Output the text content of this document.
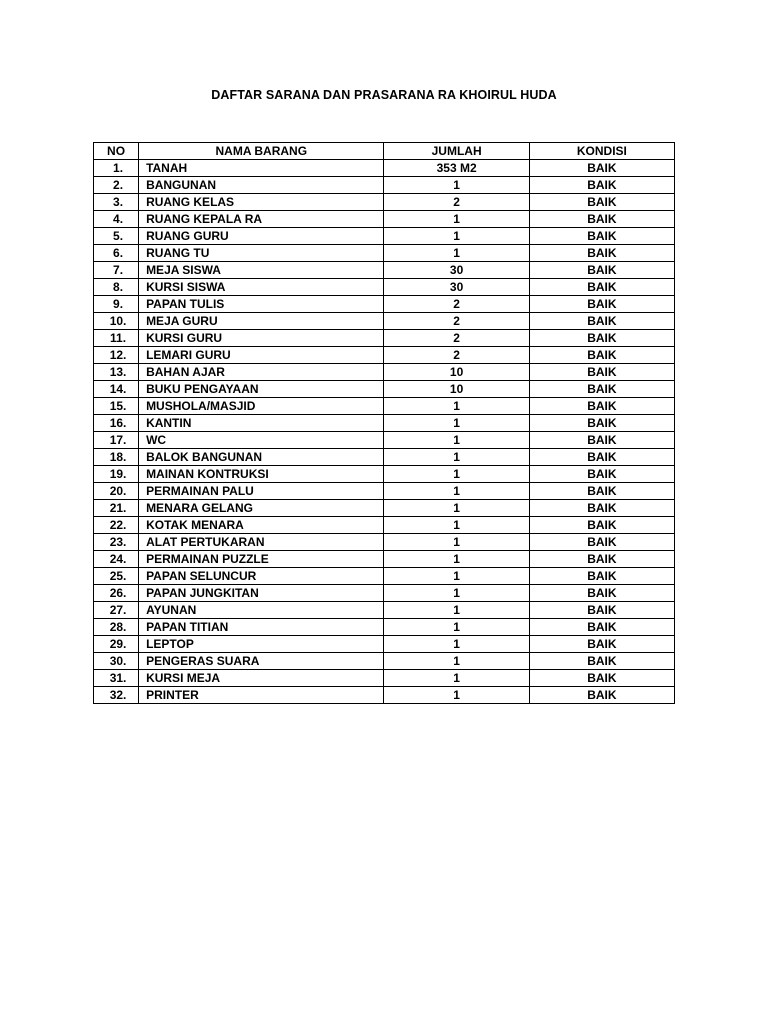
DAFTAR SARANA DAN PRASARANA RA KHOIRUL HUDA
NO	NAMA BARANG	JUMLAH	KONDISI
1.	TANAH	353 M2	BAIK
2.	BANGUNAN	1	BAIK
3.	RUANG KELAS	2	BAIK
4.	RUANG KEPALA RA	1	BAIK
5.	RUANG GURU	1	BAIK
6.	RUANG TU	1	BAIK
7.	MEJA SISWA	30	BAIK
8.	KURSI SISWA	30	BAIK
9.	PAPAN TULIS	2	BAIK
10.	MEJA GURU	2	BAIK
11.	KURSI GURU	2	BAIK
12.	LEMARI GURU	2	BAIK
13.	BAHAN AJAR	10	BAIK
14.	BUKU PENGAYAAN	10	BAIK
15.	MUSHOLA/MASJID	1	BAIK
16.	KANTIN	1	BAIK
17.	WC	1	BAIK
18.	BALOK BANGUNAN	1	BAIK
19.	MAINAN KONTRUKSI	1	BAIK
20.	PERMAINAN PALU	1	BAIK
21.	MENARA GELANG	1	BAIK
22.	KOTAK MENARA	1	BAIK
23.	ALAT PERTUKARAN	1	BAIK
24.	PERMAINAN PUZZLE	1	BAIK
25.	PAPAN SELUNCUR	1	BAIK
26.	PAPAN JUNGKITAN	1	BAIK
27.	AYUNAN	1	BAIK
28.	PAPAN TITIAN	1	BAIK
29.	LEPTOP	1	BAIK
30.	PENGERAS SUARA	1	BAIK
31.	KURSI MEJA	1	BAIK
32.	PRINTER	1	BAIK
